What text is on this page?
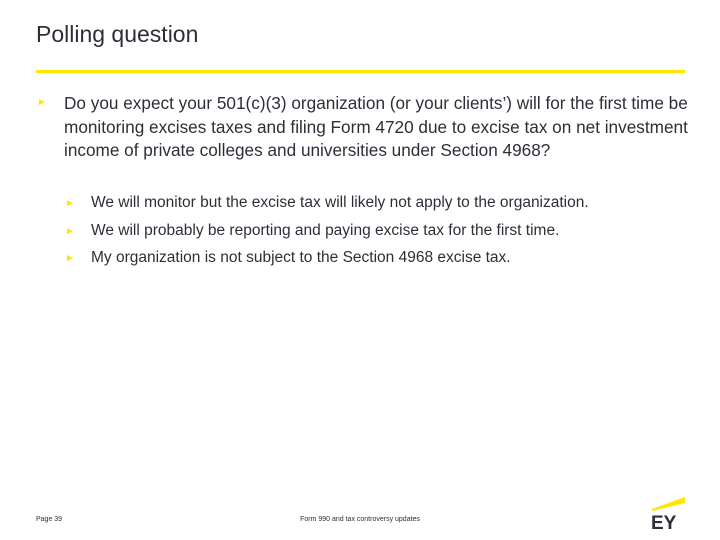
Polling question
► Do you expect your 501(c)(3) organization (or your clients’) will for the first time be monitoring excises taxes and filing Form 4720 due to excise tax on net investment income of private colleges and universities under Section 4968?
► We will monitor but the excise tax will likely not apply to the organization.
► We will probably be reporting and paying excise tax for the first time.
► My organization is not subject to the Section 4968 excise tax.
Page 39	Form 990 and tax controversy updates	EY
